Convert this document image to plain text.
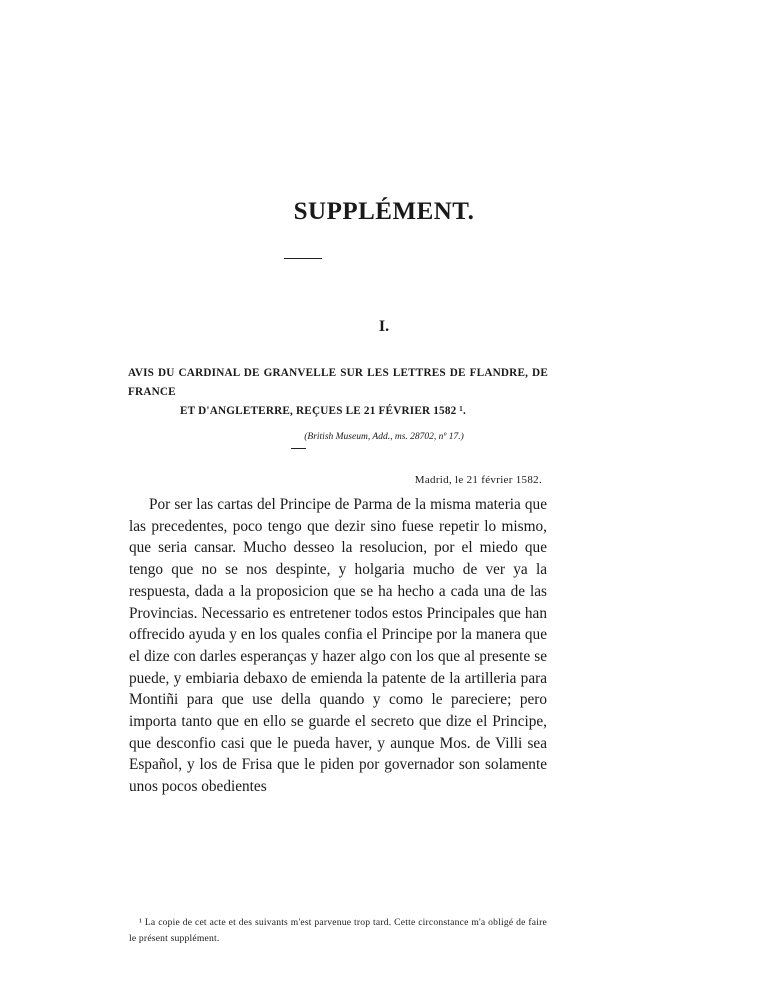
SUPPLÉMENT.
I.
AVIS DU CARDINAL DE GRANVELLE SUR LES LETTRES DE FLANDRE, DE FRANCE
ET D'ANGLETERRE, REÇUES LE 21 FÉVRIER 1582 ¹.
(British Museum, Add., ms. 28702, nº 17.)
Madrid, le 21 février 1582.

Por ser las cartas del Principe de Parma de la misma materia que las precedentes, poco tengo que dezir sino fuese repetir lo mismo, que seria cansar. Mucho desseo la resolucion, por el miedo que tengo que no se nos despinte, y holgaria mucho de ver ya la respuesta, dada a la proposicion que se ha hecho a cada una de las Provincias. Necessario es entretener todos estos Principales que han offrecido ayuda y en los quales confia el Principe por la manera que el dize con darles esperanças y hazer algo con los que al presente se puede, y embiaria debaxo de emienda la patente de la artilleria para Montiñi para que use della quando y como le pareciere; pero importa tanto que en ello se guarde el secreto que dize el Principe, que desconfio casi que le pueda haver, y aunque Mos. de Villi sea Español, y los de Frisa que le piden por governador son solamente unos pocos obedientes

¹ La copie de cet acte et des suivants m'est parvenue trop tard. Cette circonstance m'a obligé de faire le présent supplément.
